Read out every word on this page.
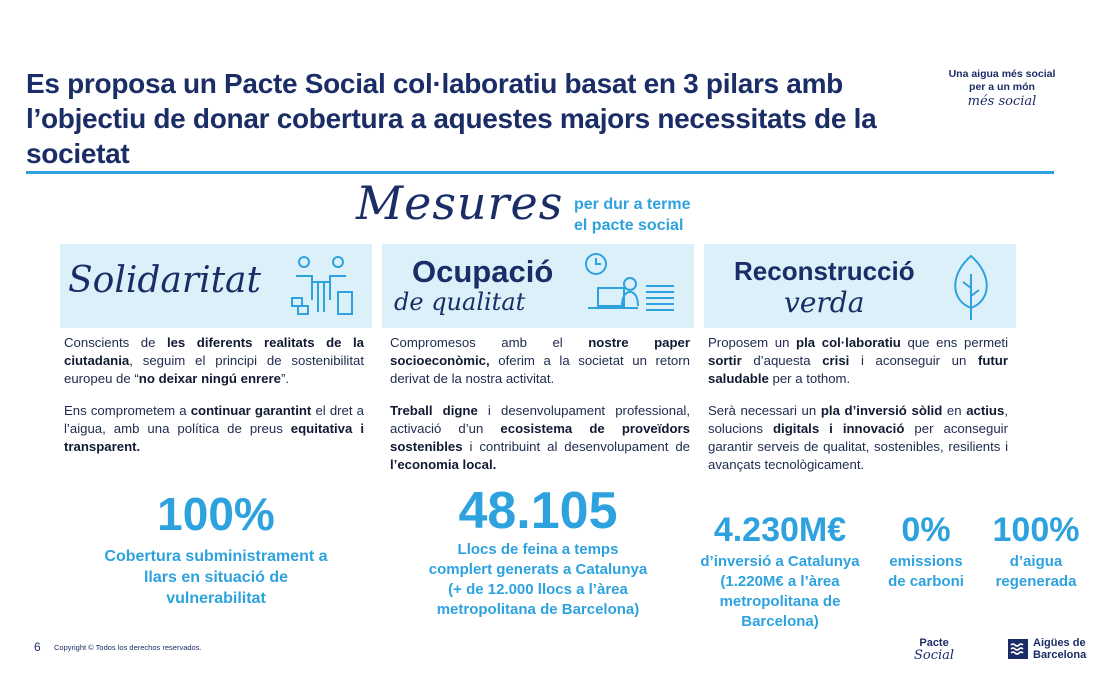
Es proposa un Pacte Social col·laboratiu basat en 3 pilars amb l’objectiu de donar cobertura a aquestes majors necessitats de la societat
Una aigua més social
per a un món
més social
Mesures per dur a terme
el pacte social
Solidaritat	Ocupació
de qualitat
Reconstrucció
verda

Conscients de les diferents realitats de la ciutadania, seguim el principi de sostenibilitat europeu de “no deixar ningú enrere”.

Ens comprometem a continuar garantint el dret a l’aigua, amb una política de preus equitativa i transparent.

Compromesos amb el nostre paper socioeconòmic, oferim a la societat un retorn derivat de la nostra activitat.

Treball digne i desenvolupament professional, activació d’un ecosistema de proveïdors sostenibles i contribuint al desenvolupament de l’economia local.

Proposem un pla col·laboratiu que ens permeti sortir d’aquesta crisi i aconseguir un futur saludable per a tothom.

Serà necessari un pla d’inversió sòlid en actius, solucions digitals i innovació per aconseguir garantir serveis de qualitat, sostenibles, resilients i avançats tecnològicament.

100%
Cobertura subministrament a
llars en situació de
vulnerabilitat
48.105
Llocs de feina a temps
complert generats a Catalunya
(+ de 12.000 llocs a l’àrea
metropolitana de Barcelona)
4.230M€
d’inversió a Catalunya
(1.220M€ a l’àrea
metropolitana de
Barcelona)
0%
emissions
de carboni
100%
d’aigua
regenerada
6 Copyright © Todos los derechos reservados.	Pacte
Social
Aigües de
Barcelona
